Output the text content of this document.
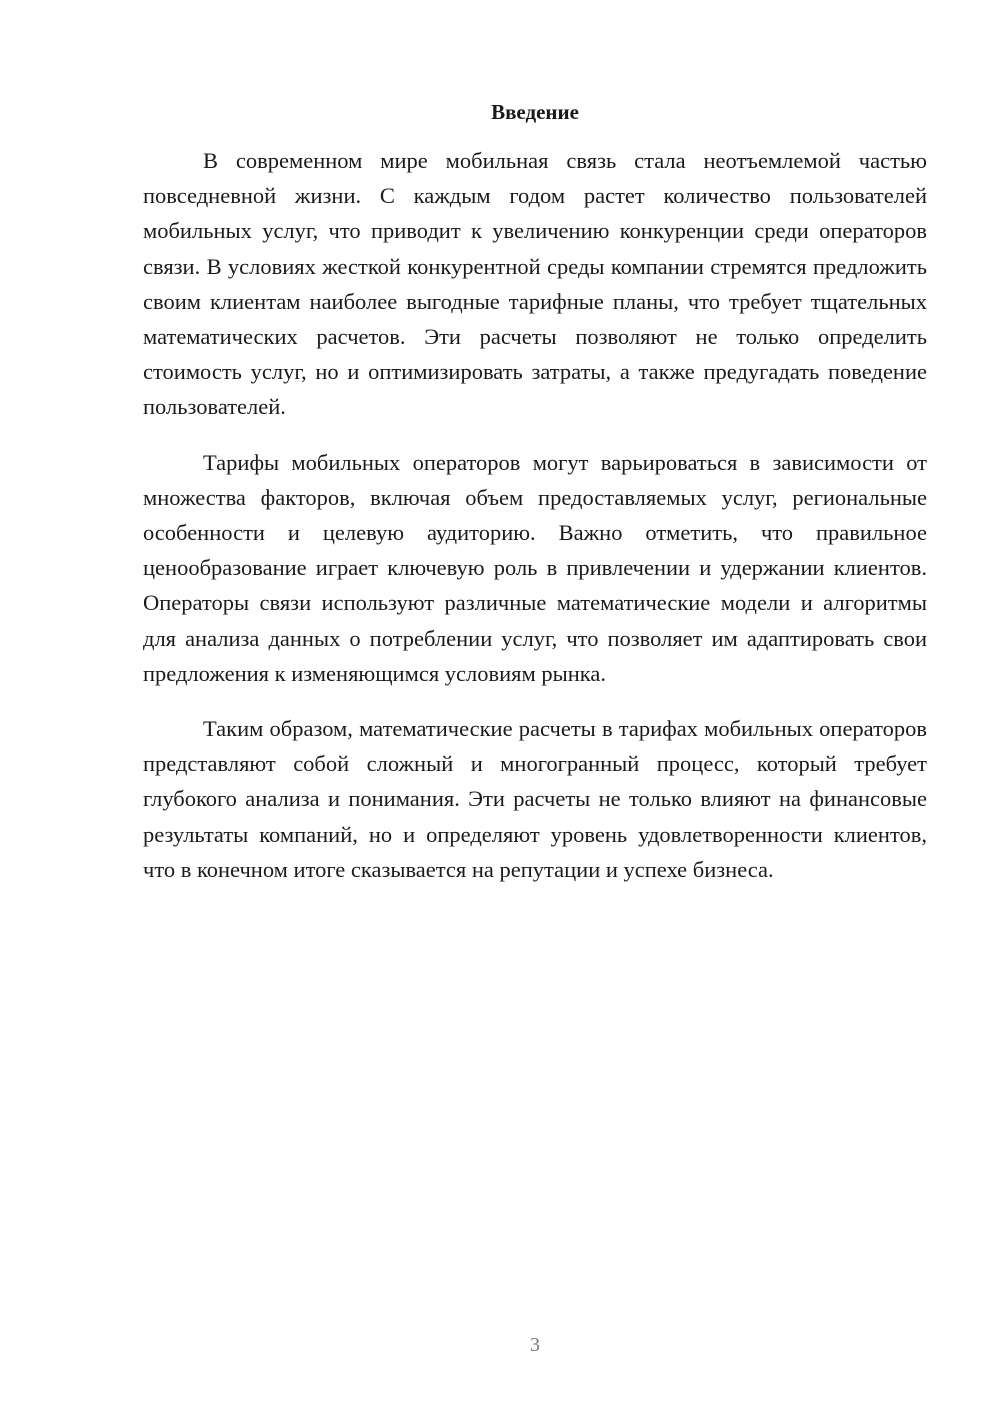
Введение

В современном мире мобильная связь стала неотъемлемой частью повседневной жизни. С каждым годом растет количество пользователей мобильных услуг, что приводит к увеличению конкуренции среди операторов связи. В условиях жесткой конкурентной среды компании стремятся предложить своим клиентам наиболее выгодные тарифные планы, что требует тщательных математических расчетов. Эти расчеты позволяют не только определить стоимость услуг, но и оптимизировать затраты, а также предугадать поведение пользователей.

Тарифы мобильных операторов могут варьироваться в зависимости от множества факторов, включая объем предоставляемых услуг, региональные особенности и целевую аудиторию. Важно отметить, что правильное ценообразование играет ключевую роль в привлечении и удержании клиентов. Операторы связи используют различные математические модели и алгоритмы для анализа данных о потреблении услуг, что позволяет им адаптировать свои предложения к изменяющимся условиям рынка.

Таким образом, математические расчеты в тарифах мобильных операторов представляют собой сложный и многогранный процесс, который требует глубокого анализа и понимания. Эти расчеты не только влияют на финансовые результаты компаний, но и определяют уровень удовлетворенности клиентов, что в конечном итоге сказывается на репутации и успехе бизнеса.

3
